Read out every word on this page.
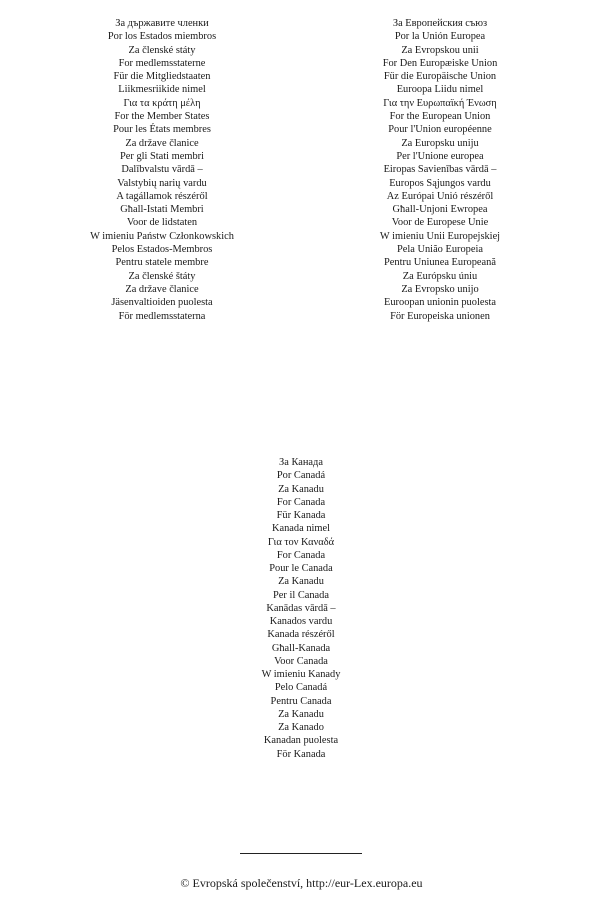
За държавите членки
Por los Estados miembros
Za členské státy
For medlemsstaterne
Für die Mitgliedstaaten
Liikmesriikide nimel
Για τα κράτη μέλη
For the Member States
Pour les États membres
Za države članice
Per gli Stati membri
Dalībvalstu vārdā –
Valstybių narių vardu
A tagállamok részéről
Għall-Istati Membri
Voor de lidstaten
W imieniu Państw Członkowskich
Pelos Estados-Membros
Pentru statele membre
Za členské štáty
Za države članice
Jäsenvaltioiden puolesta
För medlemsstaterna
За Европейския съюз
Por la Unión Europea
Za Evropskou unii
For Den Europæiske Union
Für die Europäische Union
Euroopa Liidu nimel
Για την Ευρωπαϊκή Ένωση
For the European Union
Pour l'Union européenne
Za Europsku uniju
Per l'Unione europea
Eiropas Savienības vārdā –
Europos Sąjungos vardu
Az Európai Unió részéről
Għall-Unjoni Ewropea
Voor de Europese Unie
W imieniu Unii Europejskiej
Pela União Europeia
Pentru Uniunea Europeană
Za Európsku úniu
Za Evropsko unijo
Euroopan unionin puolesta
För Europeiska unionen
За Канада
Por Canadá
Za Kanadu
For Canada
Für Kanada
Kanada nimel
Για τον Καναδά
For Canada
Pour le Canada
Za Kanadu
Per il Canada
Kanādas vārdā –
Kanados vardu
Kanada részéről
Għall-Kanada
Voor Canada
W imieniu Kanady
Pelo Canadá
Pentru Canada
Za Kanadu
Za Kanado
Kanadan puolesta
För Kanada
© Evropská společenství, http://eur-Lex.europa.eu
